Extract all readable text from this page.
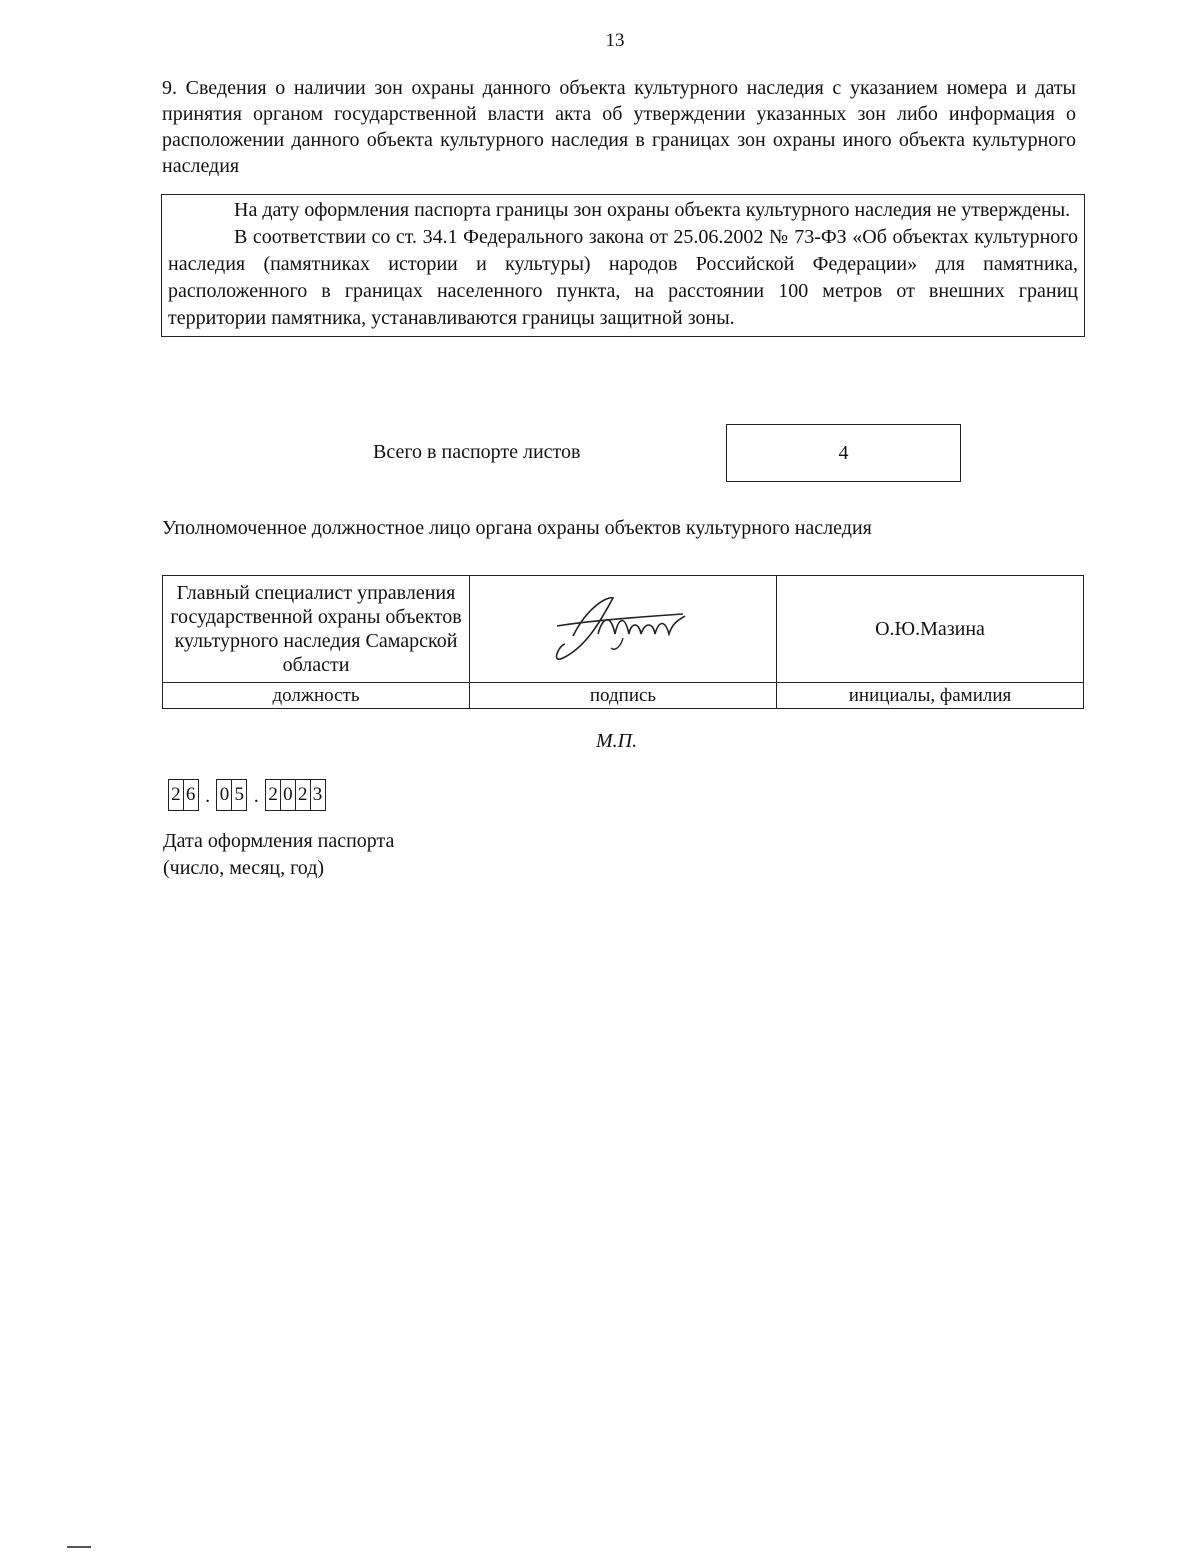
13
9. Сведения о наличии зон охраны данного объекта культурного наследия с указанием номера и даты принятия органом государственной власти акта об утверждении указанных зон либо информация о расположении данного объекта культурного наследия в границах зон охраны иного объекта культурного наследия

На дату оформления паспорта границы зон охраны объекта культурного наследия не утверждены.

В соответствии со ст. 34.1 Федерального закона от 25.06.2002 № 73-ФЗ «Об объектах культурного наследия (памятниках истории и культуры) народов Российской Федерации» для памятника, расположенного в границах населенного пункта, на расстоянии 100 метров от внешних границ территории памятника, устанавливаются границы защитной зоны.

Всего в паспорте листов	4
Уполномоченное должностное лицо органа охраны объектов культурного наследия
Главный специалист управления государственной охраны объектов культурного наследия Самарской области		О.Ю.Мазина
должность	подпись	инициалы, фамилия
М.П.
2 6 . 0 5 . 2 0 2 3
Дата оформления паспорта
(число, месяц, год)
